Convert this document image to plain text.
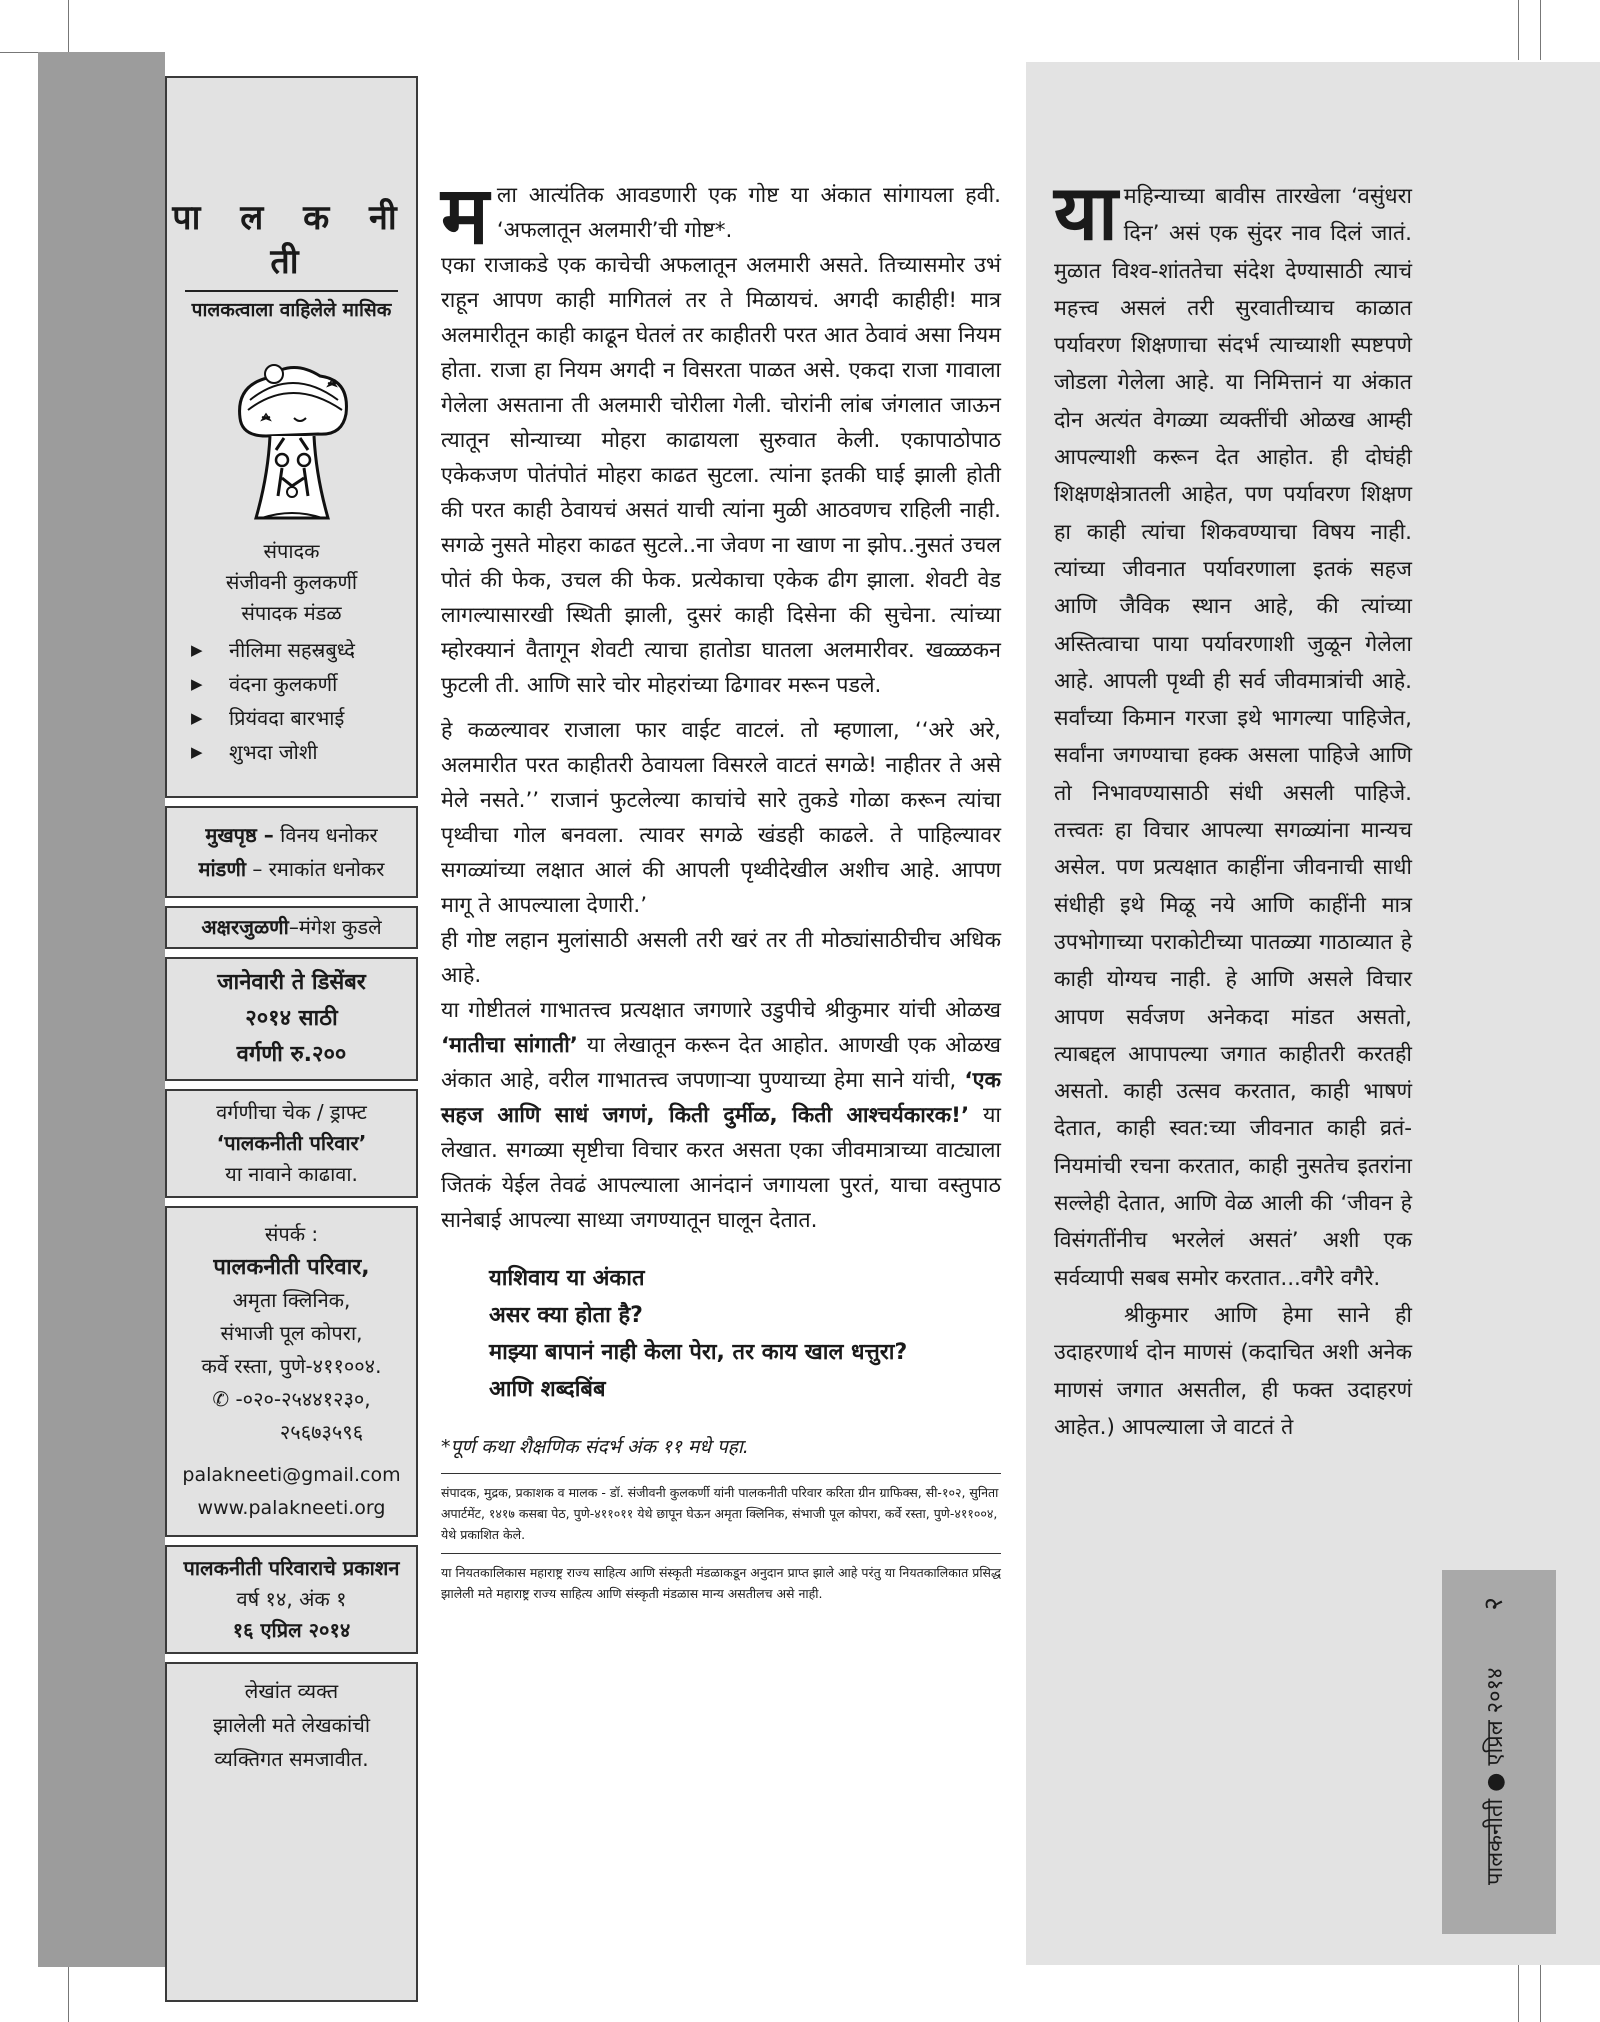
पा ल क नी ती
पालकत्वाला वाहिलेले मासिक
संपादक
संजीवनी कुलकर्णी
संपादक मंडळ
▶ नीलिमा सहस्रबुध्दे
▶ वंदना कुलकर्णी
▶ प्रियंवदा बारभाई
▶ शुभदा जोशी
मुखपृष्ठ – विनय धनोकर
मांडणी – रमाकांत धनोकर
अक्षरजुळणी–मंगेश कुडले
जानेवारी ते डिसेंबर
२०१४ साठी
वर्गणी रु.२००
वर्गणीचा चेक / ड्राफ्ट
‘पालकनीती परिवार’
या नावाने काढावा.
संपर्क :
पालकनीती परिवार,
अमृता क्लिनिक,
संभाजी पूल कोपरा,
कर्वे रस्ता, पुणे-४११००४.
✆ -०२०-२५४४१२३०,
२५६७३५९६
palakneeti@gmail.com
www.palakneeti.org
पालकनीती परिवाराचे प्रकाशन
वर्ष १४, अंक १
१६ एप्रिल २०१४
लेखांत व्यक्त
झालेली मते लेखकांची
व्यक्तिगत समजावीत.

मला आत्यंतिक आवडणारी एक गोष्ट या अंकात सांगायला हवी. ‘अफलातून अलमारी’ची गोष्ट*.

एका राजाकडे एक काचेची अफलातून अलमारी असते. तिच्यासमोर उभं राहून आपण काही मागितलं तर ते मिळायचं. अगदी काहीही! मात्र अलमारीतून काही काढून घेतलं तर काहीतरी परत आत ठेवावं असा नियम होता. राजा हा नियम अगदी न विसरता पाळत असे. एकदा राजा गावाला गेलेला असताना ती अलमारी चोरीला गेली. चोरांनी लांब जंगलात जाऊन त्यातून सोन्याच्या मोहरा काढायला सुरुवात केली. एकापाठोपाठ एकेकजण पोतंपोतं मोहरा काढत सुटला. त्यांना इतकी घाई झाली होती की परत काही ठेवायचं असतं याची त्यांना मुळी आठवणच राहिली नाही. सगळे नुसते मोहरा काढत सुटले..ना जेवण ना खाण ना झोप..नुसतं उचल पोतं की फेक, उचल की फेक. प्रत्येकाचा एकेक ढीग झाला. शेवटी वेड लागल्यासारखी स्थिती झाली, दुसरं काही दिसेना की सुचेना. त्यांच्या म्होरक्यानं वैतागून शेवटी त्याचा हातोडा घातला अलमारीवर. खळ्ळकन फुटली ती. आणि सारे चोर मोहरांच्या ढिगावर मरून पडले.

हे कळल्यावर राजाला फार वाईट वाटलं. तो म्हणाला, ‘‘अरे अरे, अलमारीत परत काहीतरी ठेवायला विसरले वाटतं सगळे! नाहीतर ते असे मेले नसते.’’ राजानं फुटलेल्या काचांचे सारे तुकडे गोळा करून त्यांचा पृथ्वीचा गोल बनवला. त्यावर सगळे खंडही काढले. ते पाहिल्यावर सगळ्यांच्या लक्षात आलं की आपली पृथ्वीदेखील अशीच आहे. आपण मागू ते आपल्याला देणारी.’

ही गोष्ट लहान मुलांसाठी असली तरी खरं तर ती मोठ्यांसाठीचीच अधिक आहे.

या गोष्टीतलं गाभातत्त्व प्रत्यक्षात जगणारे उडुपीचे श्रीकुमार यांची ओळख ‘मातीचा सांगाती’ या लेखातून करून देत आहोत. आणखी एक ओळख अंकात आहे, वरील गाभातत्त्व जपणाऱ्या पुण्याच्या हेमा साने यांची, ‘एक सहज आणि साधं जगणं, किती दुर्मीळ, किती आश्चर्यकारक!’ या लेखात. सगळ्या सृष्टीचा विचार करत असता एका जीवमात्राच्या वाट्याला जितकं येईल तेवढं आपल्याला आनंदानं जगायला पुरतं, याचा वस्तुपाठ सानेबाई आपल्या साध्या जगण्यातून घालून देतात.

याशिवाय या अंकात
असर क्या होता है?
माझ्या बापानं नाही केला पेरा, तर काय खाल धत्तुरा?
आणि शब्दबिंब
*पूर्ण कथा शैक्षणिक संदर्भ अंक ११ मधे पहा.
संपादक, मुद्रक, प्रकाशक व मालक - डॉ. संजीवनी कुलकर्णी यांनी पालकनीती परिवार करिता ग्रीन ग्राफिक्स, सी-१०२, सुनिता अपार्टमेंट, १४१७ कसबा पेठ, पुणे-४११०११ येथे छापून घेऊन अमृता क्लिनिक, संभाजी पूल कोपरा, कर्वे रस्ता, पुणे-४११००४, येथे प्रकाशित केले.
या नियतकालिकास महाराष्ट्र राज्य साहित्य आणि संस्कृती मंडळाकडून अनुदान प्राप्त झाले आहे परंतु या नियतकालिकात प्रसिद्ध झालेली मते महाराष्ट्र राज्य साहित्य आणि संस्कृती मंडळास मान्य असतीलच असे नाही.

यामहिन्याच्या बावीस तारखेला ‘वसुंधरा दिन’ असं एक सुंदर नाव दिलं जातं. मुळात विश्व-शांततेचा संदेश देण्यासाठी त्याचं महत्त्व असलं तरी सुरवातीच्याच काळात पर्यावरण शिक्षणाचा संदर्भ त्याच्याशी स्पष्टपणे जोडला गेलेला आहे. या निमित्तानं या अंकात दोन अत्यंत वेगळ्या व्यक्तींची ओळख आम्ही आपल्याशी करून देत आहोत. ही दोघंही शिक्षणक्षेत्रातली आहेत, पण पर्यावरण शिक्षण हा काही त्यांचा शिकवण्याचा विषय नाही. त्यांच्या जीवनात पर्यावरणाला इतकं सहज आणि जैविक स्थान आहे, की त्यांच्या अस्तित्वाचा पाया पर्यावरणाशी जुळून गेलेला आहे. आपली पृथ्वी ही सर्व जीवमात्रांची आहे. सर्वांच्या किमान गरजा इथे भागल्या पाहिजेत, सर्वांना जगण्याचा हक्क असला पाहिजे आणि तो निभावण्यासाठी संधी असली पाहिजे. तत्त्वतः हा विचार आपल्या सगळ्यांना मान्यच असेल. पण प्रत्यक्षात काहींना जीवनाची साधी संधीही इथे मिळू नये आणि काहींनी मात्र उपभोगाच्या पराकोटीच्या पातळ्या गाठाव्यात हे काही योग्यच नाही. हे आणि असले विचार आपण सर्वजण अनेकदा मांडत असतो, त्याबद्दल आपापल्या जगात काहीतरी करतही असतो. काही उत्सव करतात, काही भाषणं देतात, काही स्वत:च्या जीवनात काही व्रतं-नियमांची रचना करतात, काही नुसतेच इतरांना सल्लेही देतात, आणि वेळ आली की ‘जीवन हे विसंगतींनीच भरलेलं असतं’ अशी एक सर्वव्यापी सबब समोर करतात...वगैरे वगैरे.

श्रीकुमार आणि हेमा साने ही उदाहरणार्थ दोन माणसं (कदाचित अशी अनेक माणसं जगात असतील, ही फक्त उदाहरणं आहेत.) आपल्याला जे वाटतं ते

पालकनीती ● एप्रिल २०१४ २
